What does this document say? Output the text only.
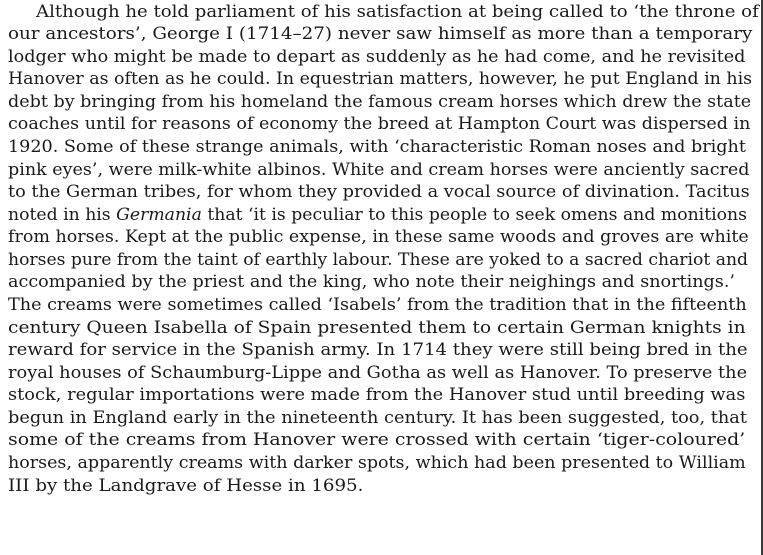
Although he told parliament of his satisfaction at being called to ‘the throne of
our ancestors’, George I (1714–27) never saw himself as more than a temporary
lodger who might be made to depart as suddenly as he had come, and he revisited
Hanover as often as he could. In equestrian matters, however, he put England in his
debt by bringing from his homeland the famous cream horses which drew the state
coaches until for reasons of economy the breed at Hampton Court was dispersed in
1920. Some of these strange animals, with ‘characteristic Roman noses and bright
pink eyes’, were milk-white albinos. White and cream horses were anciently sacred
to the German tribes, for whom they provided a vocal source of divination. Tacitus
noted in his Germania that ‘it is peculiar to this people to seek omens and monitions
from horses. Kept at the public expense, in these same woods and groves are white
horses pure from the taint of earthly labour. These are yoked to a sacred chariot and
accompanied by the priest and the king, who note their neighings and snortings.’
The creams were sometimes called ‘Isabels’ from the tradition that in the fifteenth
century Queen Isabella of Spain presented them to certain German knights in
reward for service in the Spanish army. In 1714 they were still being bred in the
royal houses of Schaumburg-Lippe and Gotha as well as Hanover. To preserve the
stock, regular importations were made from the Hanover stud until breeding was
begun in England early in the nineteenth century. It has been suggested, too, that
some of the creams from Hanover were crossed with certain ‘tiger-coloured’
horses, apparently creams with darker spots, which had been presented to William
III by the Landgrave of Hesse in 1695.
